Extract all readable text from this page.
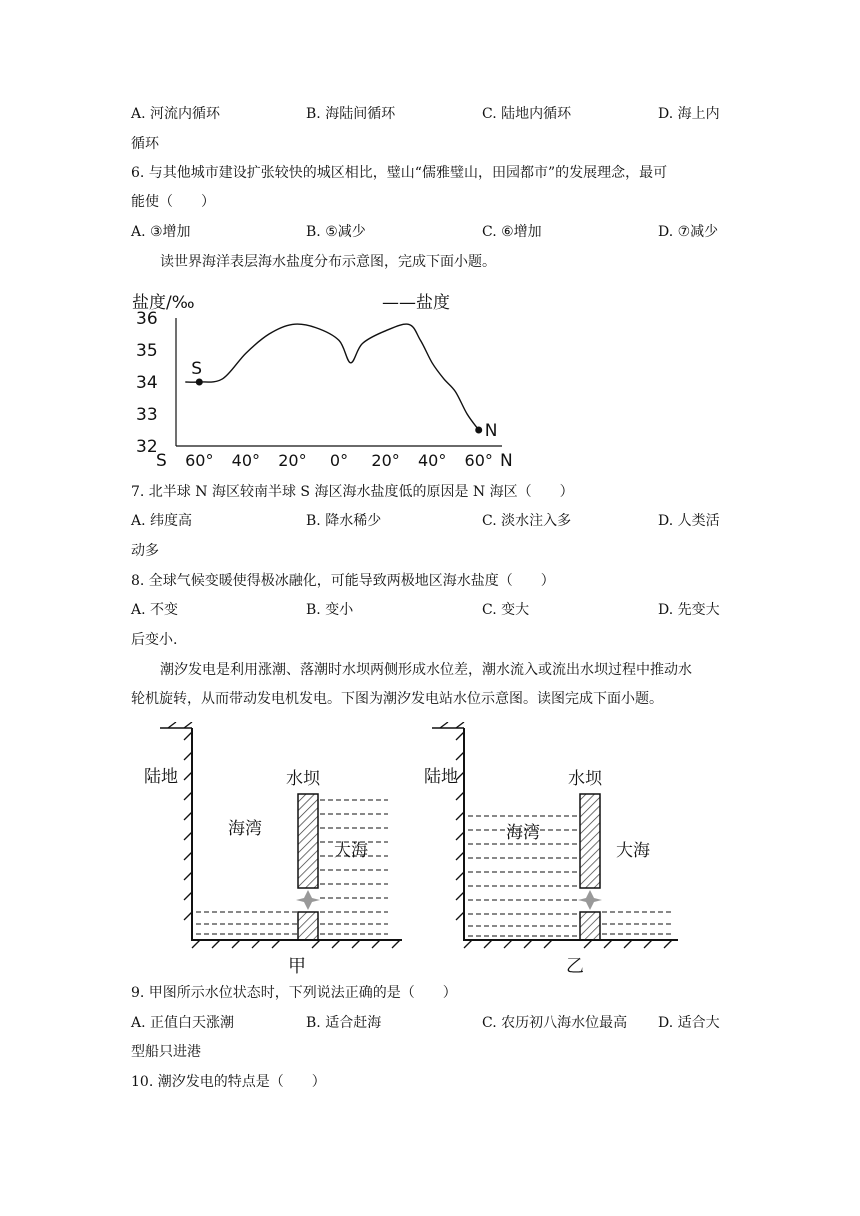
A. 河流内循环	B. 海陆间循环	C. 陆地内循环	D. 海上内
循环
6. 与其他城市建设扩张较快的城区相比，璧山“儒雅璧山，田园都市”的发展理念，最可
能使（　　）
A. ③增加	B. ⑤减少	C. ⑥增加	D. ⑦减少
读世界海洋表层海水盐度分布示意图，完成下面小题。
盐度/‰	——盐度
36
35
34
33
32
60° 40° 20° 0° 20° 40° 60°
S	N
S
N
7. 北半球 N 海区较南半球 S 海区海水盐度低的原因是 N 海区（　　）
A. 纬度高	B. 降水稀少	C. 淡水注入多	D. 人类活
动多
8. 全球气候变暖使得极冰融化，可能导致两极地区海水盐度（　　）
A. 不变	B. 变小	C. 变大	D. 先变大
后变小.
潮汐发电是利用涨潮、落潮时水坝两侧形成水位差，潮水流入或流出水坝过程中推动水
轮机旋转，从而带动发电机发电。下图为潮汐发电站水位示意图。读图完成下面小题。
陆地	水坝
海湾
大海
甲
陆地	水坝
海湾
大海
乙
9. 甲图所示水位状态时，下列说法正确的是（　　）
A. 正值白天涨潮	B. 适合赶海	C. 农历初八海水位最高 D. 适合大
型船只进港
10. 潮汐发电的特点是（　　）
